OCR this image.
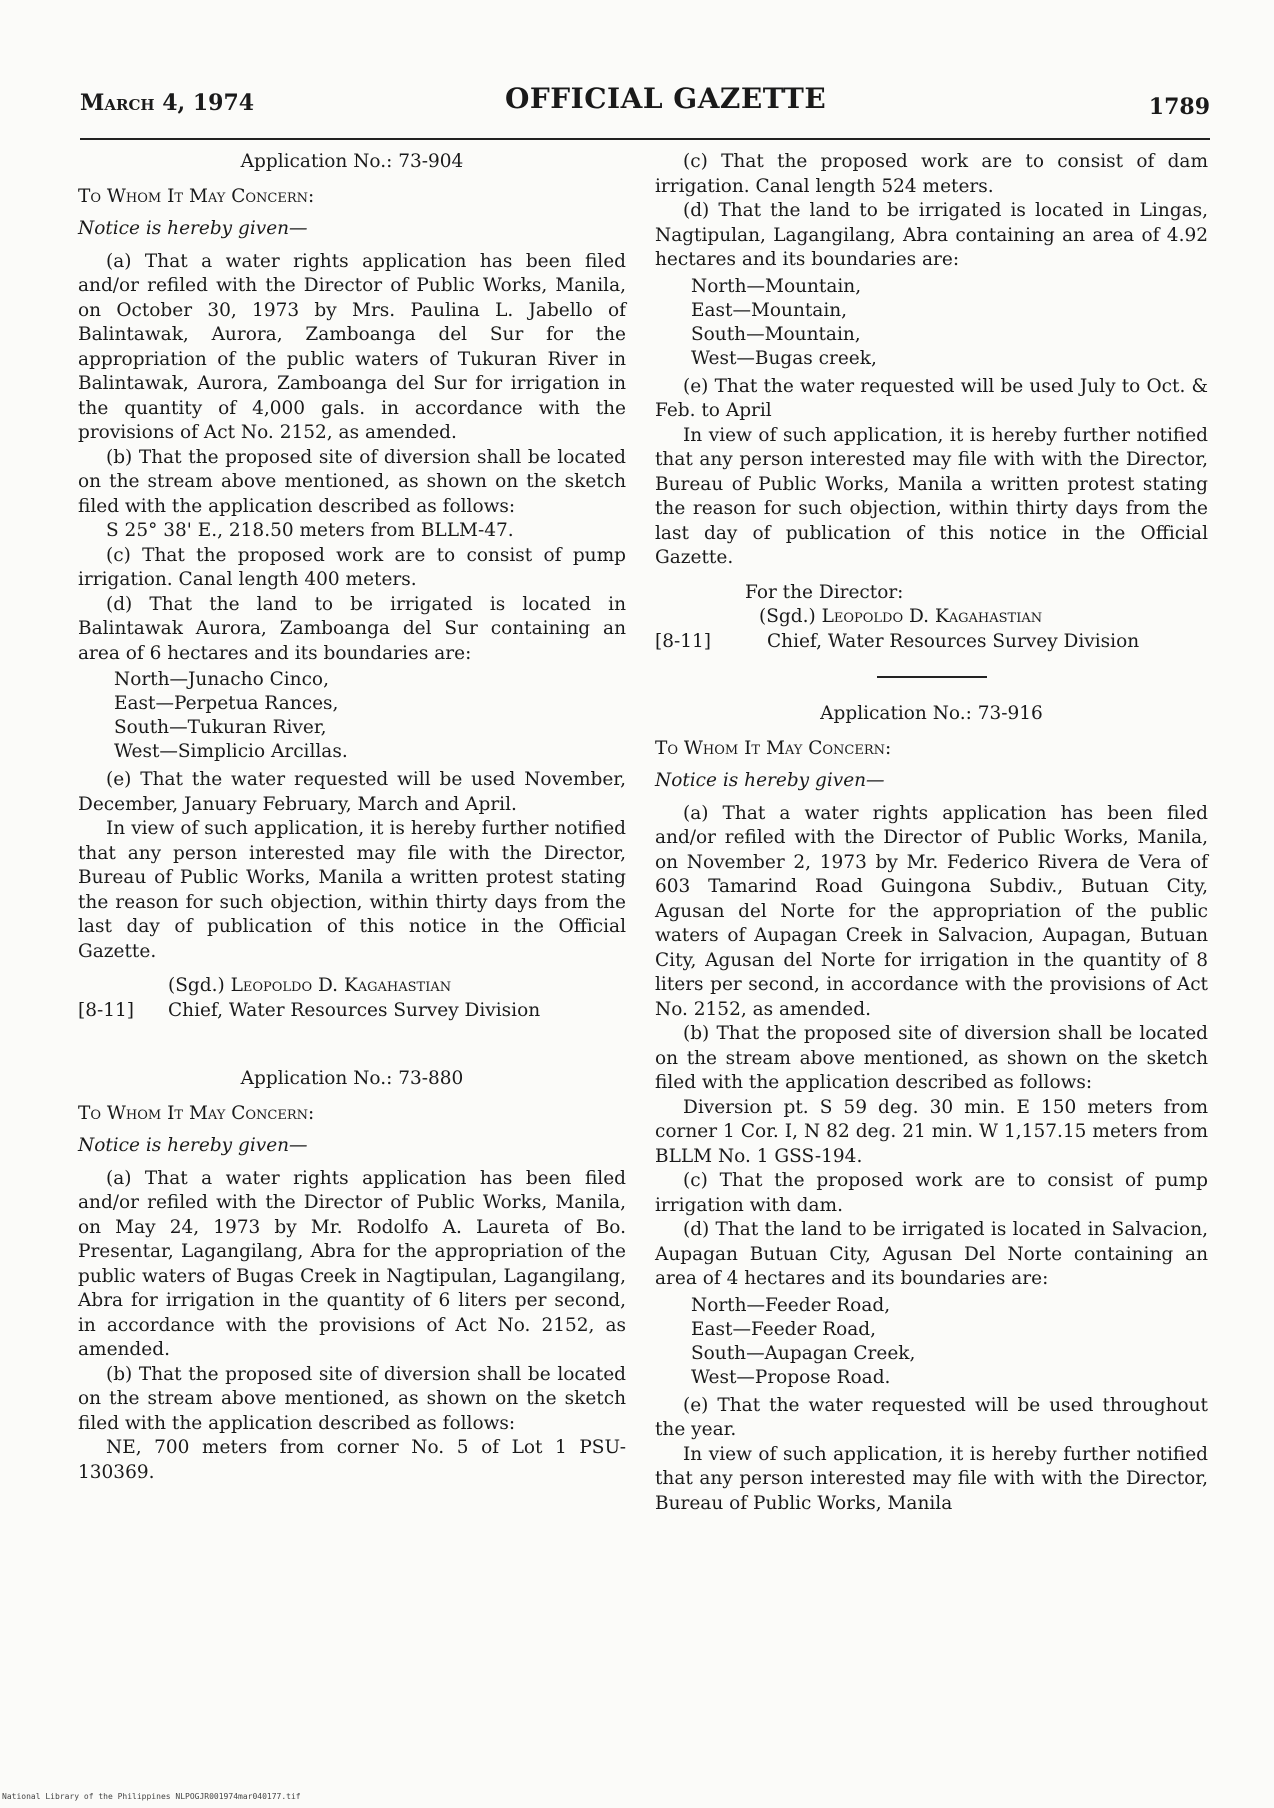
March 4, 1974	OFFICIAL GAZETTE	1789

Application No.: 73-904

To Whom It May Concern:

Notice is hereby given—

(a) That a water rights application has been filed and/or refiled with the Director of Public Works, Manila, on October 30, 1973 by Mrs. Paulina L. Jabello of Balintawak, Aurora, Zamboanga del Sur for the appropriation of the public waters of Tukuran River in Balintawak, Aurora, Zamboanga del Sur for irrigation in the quantity of 4,000 gals. in accordance with the provisions of Act No. 2152, as amended.

(b) That the proposed site of diversion shall be located on the stream above mentioned, as shown on the sketch filed with the application described as follows:

S 25° 38' E., 218.50 meters from BLLM-47.

(c) That the proposed work are to consist of pump irrigation. Canal length 400 meters.

(d) That the land to be irrigated is located in Balintawak Aurora, Zamboanga del Sur containing an area of 6 hectares and its boundaries are:

North—Junacho Cinco,
East—Perpetua Rances,
South—Tukuran River,
West—Simplicio Arcillas.

(e) That the water requested will be used November, December, January February, March and April.

In view of such application, it is hereby further notified that any person interested may file with the Director, Bureau of Public Works, Manila a written protest stating the reason for such objection, within thirty days from the last day of publication of this notice in the Official Gazette.

(Sgd.) Leopoldo D. Kagahastian

[8-11]	Chief, Water Resources Survey Division

Application No.: 73-880

To Whom It May Concern:

Notice is hereby given—

(a) That a water rights application has been filed and/or refiled with the Director of Public Works, Manila, on May 24, 1973 by Mr. Rodolfo A. Laureta of Bo. Presentar, Lagangilang, Abra for the appropriation of the public waters of Bugas Creek in Nagtipulan, Lagangilang, Abra for irrigation in the quantity of 6 liters per second, in accordance with the provisions of Act No. 2152, as amended.

(b) That the proposed site of diversion shall be located on the stream above mentioned, as shown on the sketch filed with the application described as follows:

NE, 700 meters from corner No. 5 of Lot 1 PSU-130369.

(c) That the proposed work are to consist of dam irrigation. Canal length 524 meters.

(d) That the land to be irrigated is located in Lingas, Nagtipulan, Lagangilang, Abra containing an area of 4.92 hectares and its boundaries are:

North—Mountain,
East—Mountain,
South—Mountain,
West—Bugas creek,

(e) That the water requested will be used July to Oct. & Feb. to April

In view of such application, it is hereby further notified that any person interested may file with with the Director, Bureau of Public Works, Manila a written protest stating the reason for such objection, within thirty days from the last day of publication of this notice in the Official Gazette.

For the Director:

(Sgd.) Leopoldo D. Kagahastian

[8-11]	Chief, Water Resources Survey Division

Application No.: 73-916

To Whom It May Concern:

Notice is hereby given—

(a) That a water rights application has been filed and/or refiled with the Director of Public Works, Manila, on November 2, 1973 by Mr. Federico Rivera de Vera of 603 Tamarind Road Guingona Subdiv., Butuan City, Agusan del Norte for the appropriation of the public waters of Aupagan Creek in Salvacion, Aupagan, Butuan City, Agusan del Norte for irrigation in the quantity of 8 liters per second, in accordance with the provisions of Act No. 2152, as amended.

(b) That the proposed site of diversion shall be located on the stream above mentioned, as shown on the sketch filed with the application described as follows:

Diversion pt. S 59 deg. 30 min. E 150 meters from corner 1 Cor. I, N 82 deg. 21 min. W 1,157.15 meters from BLLM No. 1 GSS-194.

(c) That the proposed work are to consist of pump irrigation with dam.

(d) That the land to be irrigated is located in Salvacion, Aupagan Butuan City, Agusan Del Norte containing an area of 4 hectares and its boundaries are:

North—Feeder Road,
East—Feeder Road,
South—Aupagan Creek,
West—Propose Road.

(e) That the water requested will be used throughout the year.

In view of such application, it is hereby further notified that any person interested may file with with the Director, Bureau of Public Works, Manila

National Library of the Philippines NLPOGJR001974mar040177.tif
